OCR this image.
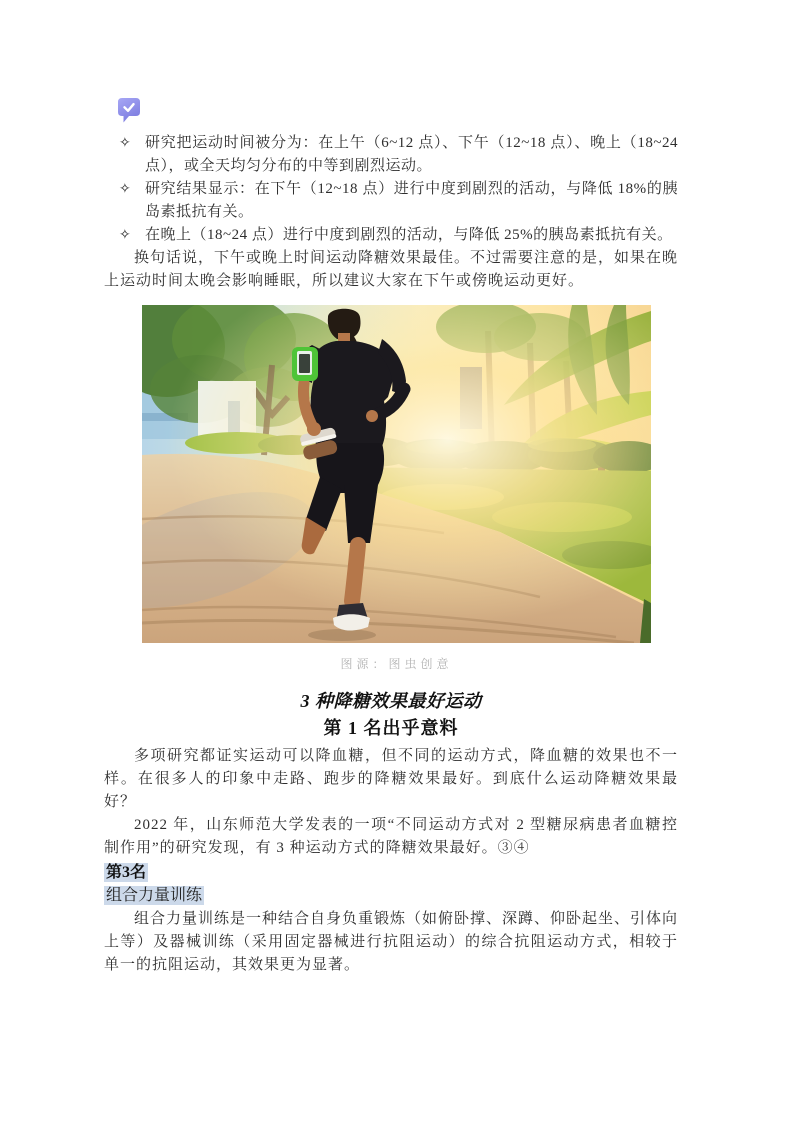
✧ 研究把运动时间被分为：在上午（6~12 点）、下午（12~18 点）、晚上（18~24 点），或全天均匀分布的中等到剧烈运动。
✧ 研究结果显示：在下午（12~18 点）进行中度到剧烈的活动，与降低 18%的胰岛素抵抗有关。
✧ 在晚上（18~24 点）进行中度到剧烈的活动，与降低 25%的胰岛素抵抗有关。

换句话说，下午或晚上时间运动降糖效果最佳。不过需要注意的是，如果在晚上运动时间太晚会影响睡眠，所以建议大家在下午或傍晚运动更好。

图源：图虫创意
3 种降糖效果最好运动
第 1 名出乎意料

多项研究都证实运动可以降血糖，但不同的运动方式，降血糖的效果也不一样。在很多人的印象中走路、跑步的降糖效果最好。到底什么运动降糖效果最好？

2022 年，山东师范大学发表的一项“不同运动方式对 2 型糖尿病患者血糖控制作用”的研究发现，有 3 种运动方式的降糖效果最好。③④

第3名
组合力量训练

组合力量训练是一种结合自身负重锻炼（如俯卧撑、深蹲、仰卧起坐、引体向上等）及器械训练（采用固定器械进行抗阻运动）的综合抗阻运动方式，相较于单一的抗阻运动，其效果更为显著。
